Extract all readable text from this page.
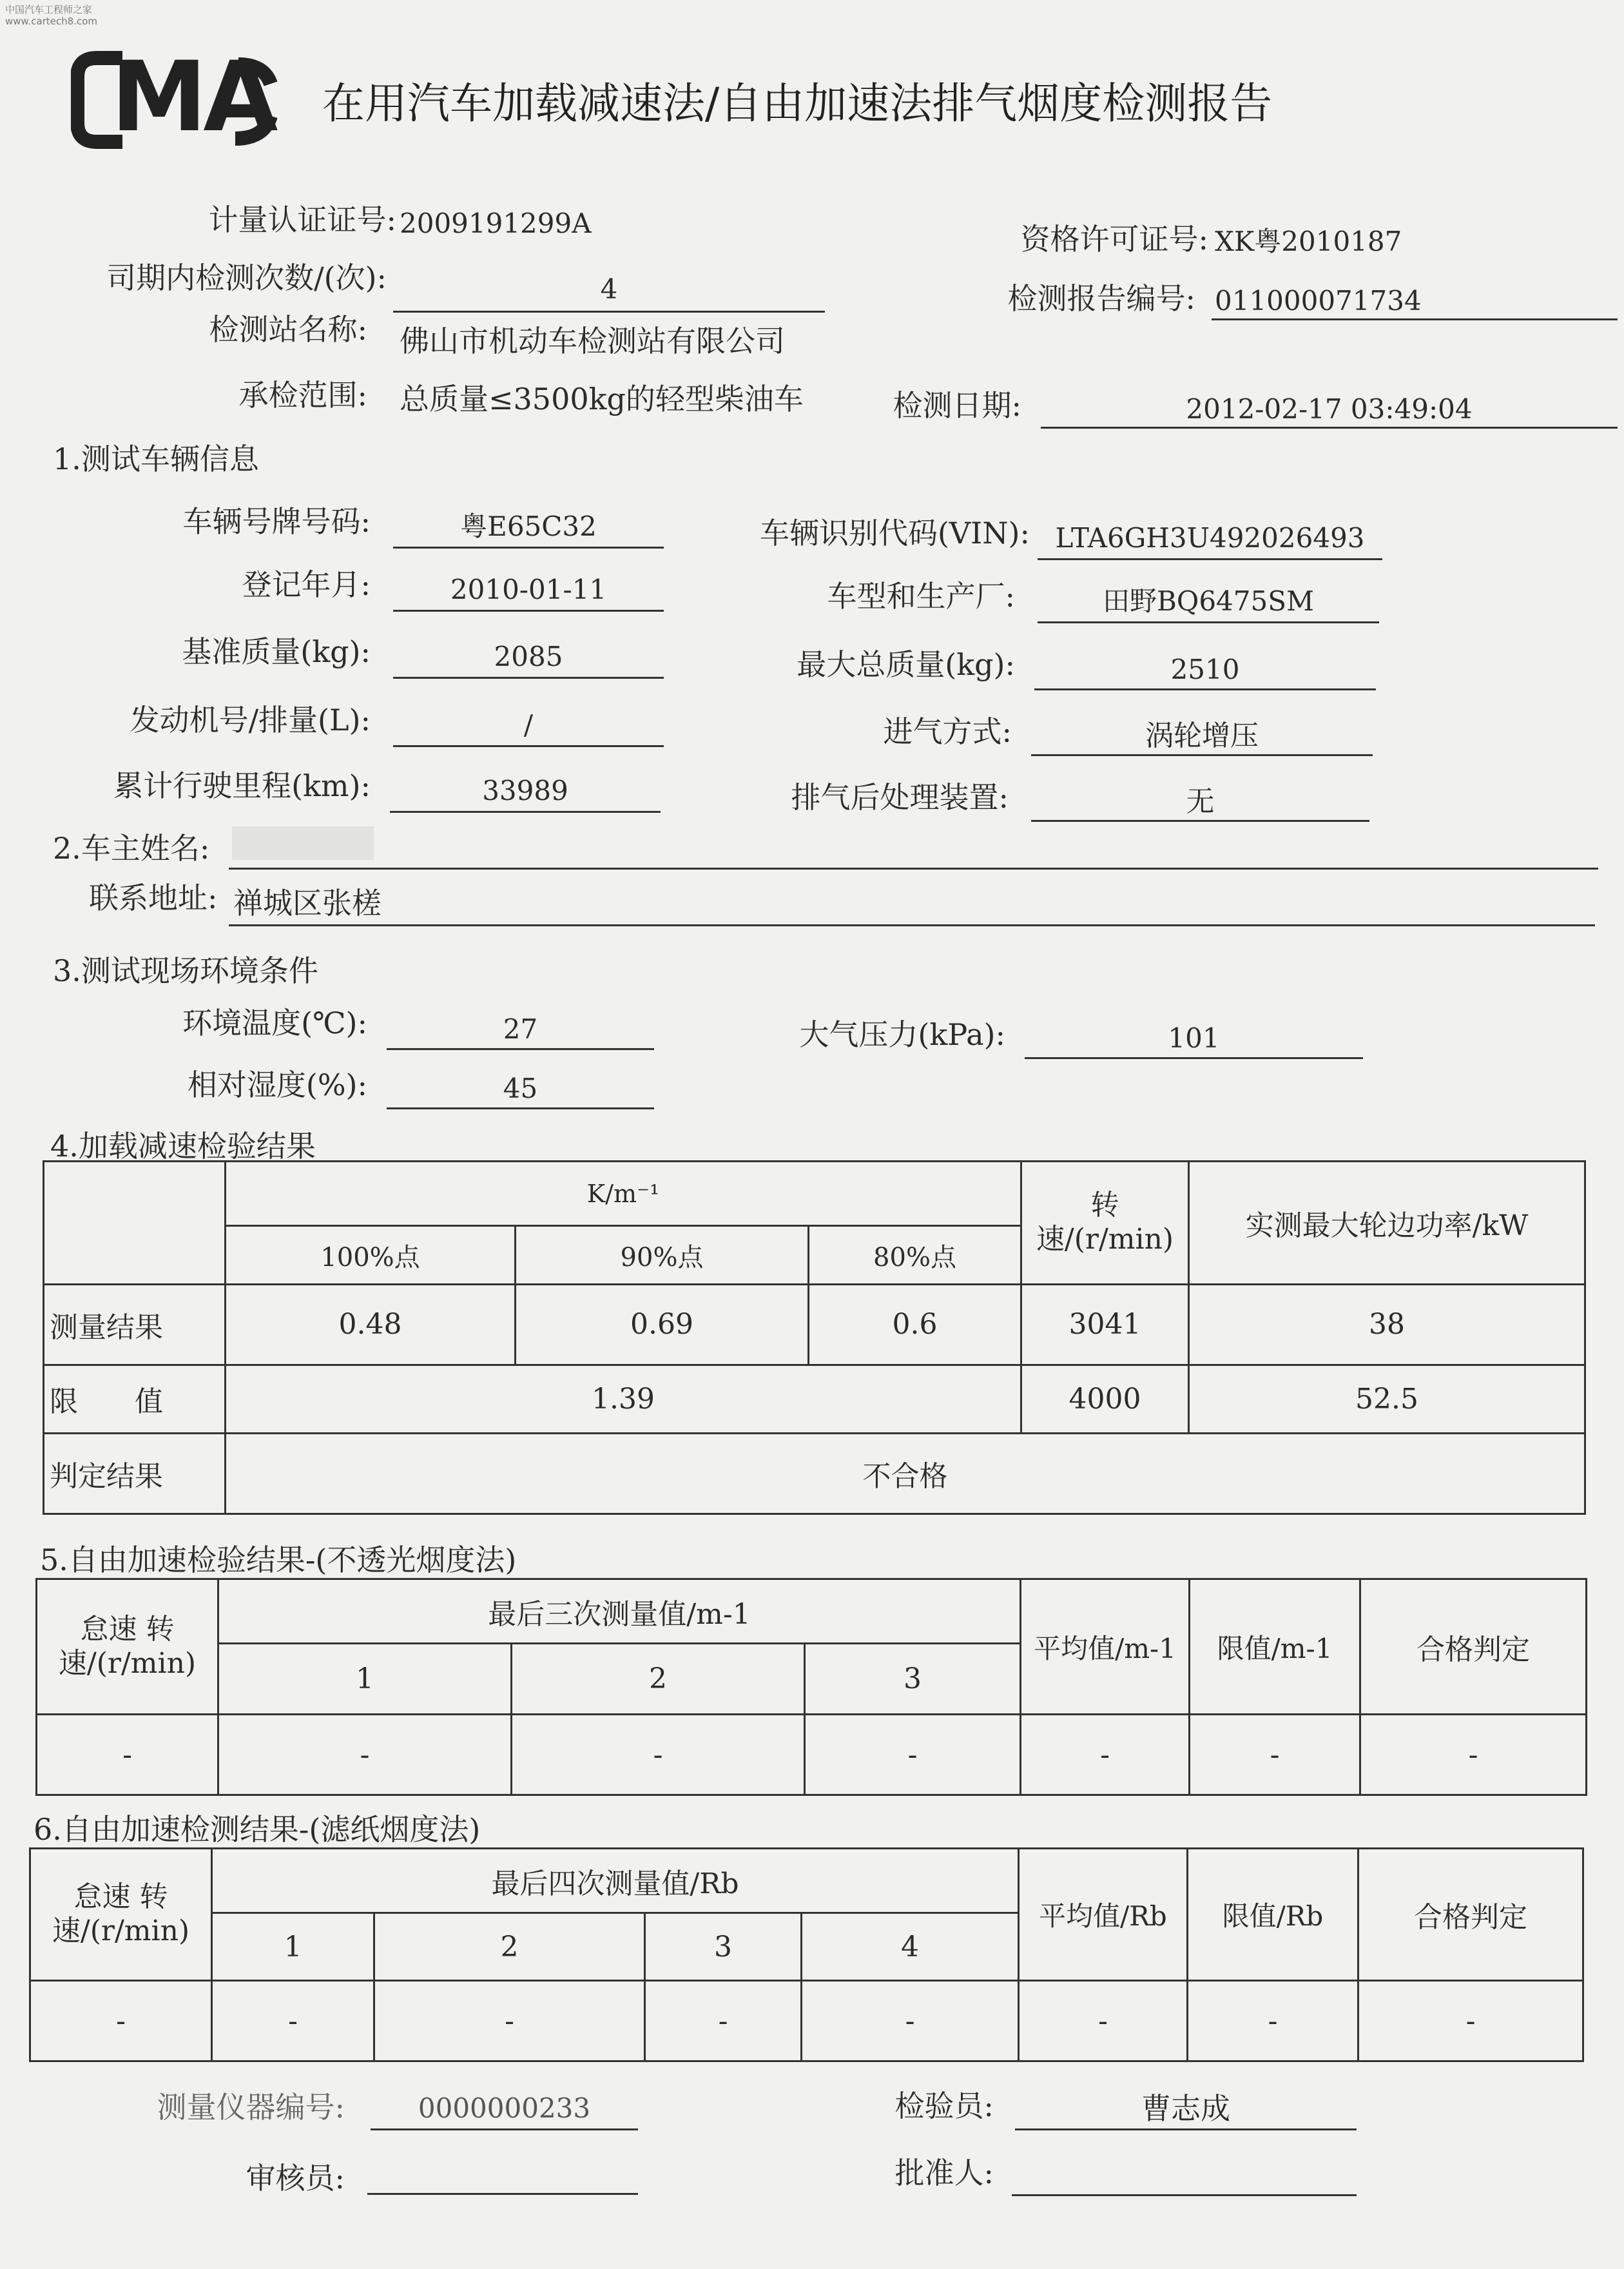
中国汽车工程师之家
www.cartech8.com
MA 在用汽车加载减速法/自由加速法排气烟度检测报告
计量认证证号: 2009191299A	资格许可证号: XK粤2010187
司期内检测次数/(次):	4	检测报告编号: 011000071734
检测站名称: 佛山市机动车检测站有限公司
承检范围: 总质量≤3500kg的轻型柴油车	检测日期:	2012-02-17 03:49:04
1.测试车辆信息
车辆号牌号码:	粤E65C32	车辆识别代码(VIN): LTA6GH3U492026493
登记年月:	2010-01-11	车型和生产厂:	田野BQ6475SM
基准质量(kg):	2085	最大总质量(kg):	2510
发动机号/排量(L):	/	进气方式:	涡轮增压
累计行驶里程(km):	33989	排气后处理装置:	无
2.车主姓名:
联系地址: 禅城区张槎
3.测试现场环境条件
环境温度(℃):	27	大气压力(kPa):	101
相对湿度(%):	45
4.加载减速检验结果
	K/m⁻¹			转速/(r/min)	实测最大轮边功率/kW
	100%点	90%点	80%点		
测量结果	0.48	0.69	0.6	3041	38
限　　值	1.39			4000	52.5
判定结果	不合格				
5.自由加速检验结果-(不透光烟度法)
怠速 转速/(r/min)	最后三次测量值/m-1			平均值/m-1	限值/m-1	合格判定
	1	2	3			
-	-	-	-	-	-	-
6.自由加速检测结果-(滤纸烟度法)
怠速 转速/(r/min)	最后四次测量值/Rb				平均值/Rb	限值/Rb	合格判定
	1	2	3	4			
-	-	-	-	-	-	-	-
测量仪器编号:	0000000233	检验员:	曹志成
审核员:	批准人:
